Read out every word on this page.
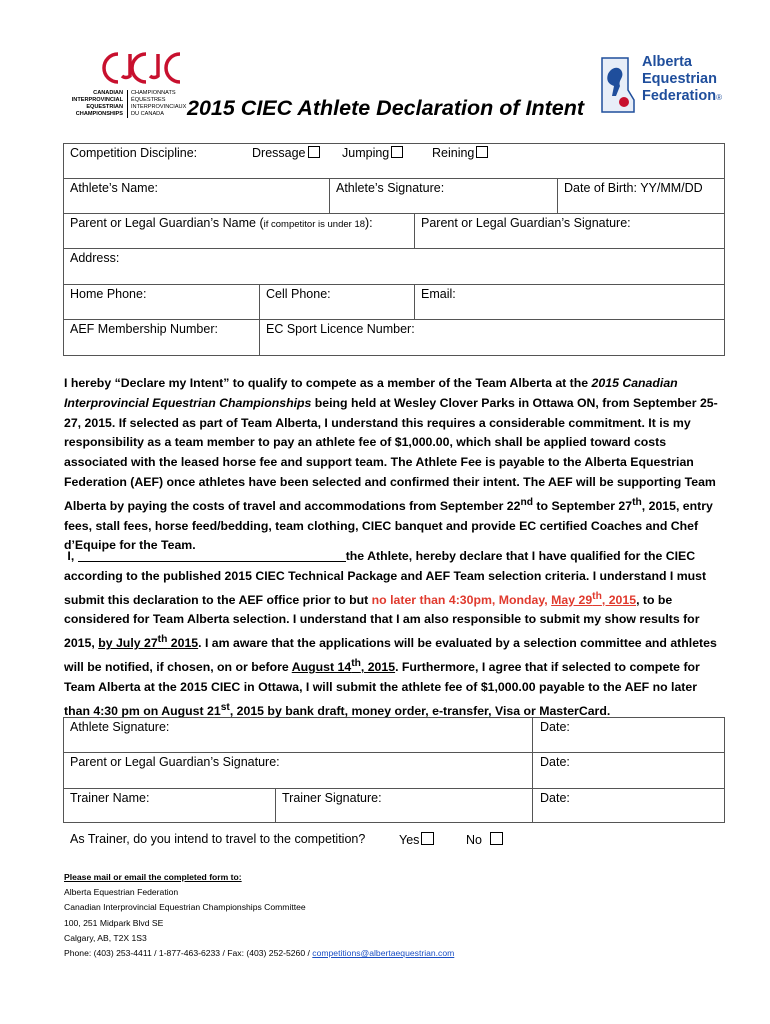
CANADIAN
INTERPROVINCIAL
EQUESTRIAN
CHAMPIONSHIPS
CHAMPIONNATS
ÉQUESTRES
INTERPROVINCIAUX
DU CANADA	2015 CIEC Athlete Declaration of Intent
Alberta
Equestrian
Federation®
Competition Discipline:	Dressage	Jumping	Reining
Athlete’s Name:	Athlete’s Signature:	Date of Birth: YY/MM/DD
Parent or Legal Guardian’s Name (if competitor is under 18):	Parent or Legal Guardian’s Signature:
Address:
Home Phone:	Cell Phone:	Email:
AEF Membership Number:	EC Sport Licence Number:
I hereby “Declare my Intent” to qualify to compete as a member of the Team Alberta at the 2015 Canadian Interprovincial Equestrian Championships being held at Wesley Clover Parks in Ottawa ON, from September 25-27, 2015. If selected as part of Team Alberta, I understand this requires a considerable commitment. It is my responsibility as a team member to pay an athlete fee of $1,000.00, which shall be applied toward costs associated with the leased horse fee and support team. The Athlete Fee is payable to the Alberta Equestrian Federation (AEF) once athletes have been selected and confirmed their intent. The AEF will be supporting Team Alberta by paying the costs of travel and accommodations from September 22nd to September 27th, 2015, entry fees, stall fees, horse feed/bedding, team clothing, CIEC banquet and provide EC certified Coaches and Chef d’Equipe for the Team.
I,	the Athlete, hereby declare that I have qualified for the CIEC according to the published 2015 CIEC Technical Package and AEF Team selection criteria. I understand I must submit this declaration to the AEF office prior to but no later than 4:30pm, Monday, May 29th, 2015, to be considered for Team Alberta selection. I understand that I am also responsible to submit my show results for 2015, by July 27th 2015. I am aware that the applications will be evaluated by a selection committee and athletes will be notified, if chosen, on or before August 14th, 2015. Furthermore, I agree that if selected to compete for Team Alberta at the 2015 CIEC in Ottawa, I will submit the athlete fee of $1,000.00 payable to the AEF no later than 4:30 pm on August 21st, 2015 by bank draft, money order, e-transfer, Visa or MasterCard.
Athlete Signature:	Date:
Parent or Legal Guardian’s Signature:	Date:
Trainer Name:	Trainer Signature:	Date:
As Trainer, do you intend to travel to the competition?	Yes	No
Please mail or email the completed form to:
Alberta Equestrian Federation
Canadian Interprovincial Equestrian Championships Committee
100, 251 Midpark Blvd SE
Calgary, AB, T2X 1S3
Phone: (403) 253-4411 / 1-877-463-6233 / Fax: (403) 252-5260 / competitions@albertaequestrian.com
